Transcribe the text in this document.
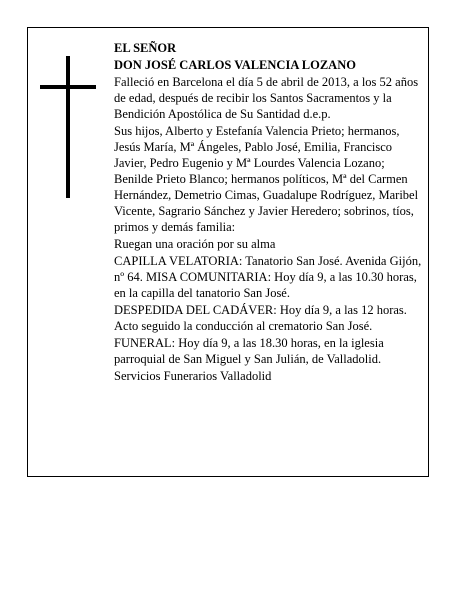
EL SEÑOR

DON JOSÉ CARLOS VALENCIA LOZANO

Falleció en Barcelona el día 5 de abril de 2013, a los 52 años de edad, después de recibir los Santos Sacramentos y la Bendición Apostólica de Su Santidad d.e.p.

Sus hijos, Alberto y Estefanía Valencia Prieto; hermanos, Jesús María, Mª Ángeles, Pablo José, Emilia, Francisco Javier, Pedro Eugenio y Mª Lourdes Valencia Lozano; Benilde Prieto Blanco; hermanos políticos, Mª del Carmen Hernández, Demetrio Cimas, Guadalupe Rodríguez, Maribel Vicente, Sagrario Sánchez y Javier Heredero; sobrinos, tíos, primos y demás familia:

Ruegan una oración por su alma

CAPILLA VELATORIA: Tanatorio San José. Avenida Gijón, nº 64. MISA COMUNITARIA: Hoy día 9, a las 10.30 horas, en la capilla del tanatorio San José.

DESPEDIDA DEL CADÁVER: Hoy día 9, a las 12 horas. Acto seguido la conducción al crematorio San José.

FUNERAL: Hoy día 9, a las 18.30 horas, en la iglesia parroquial de San Miguel y San Julián, de Valladolid.

Servicios Funerarios Valladolid
